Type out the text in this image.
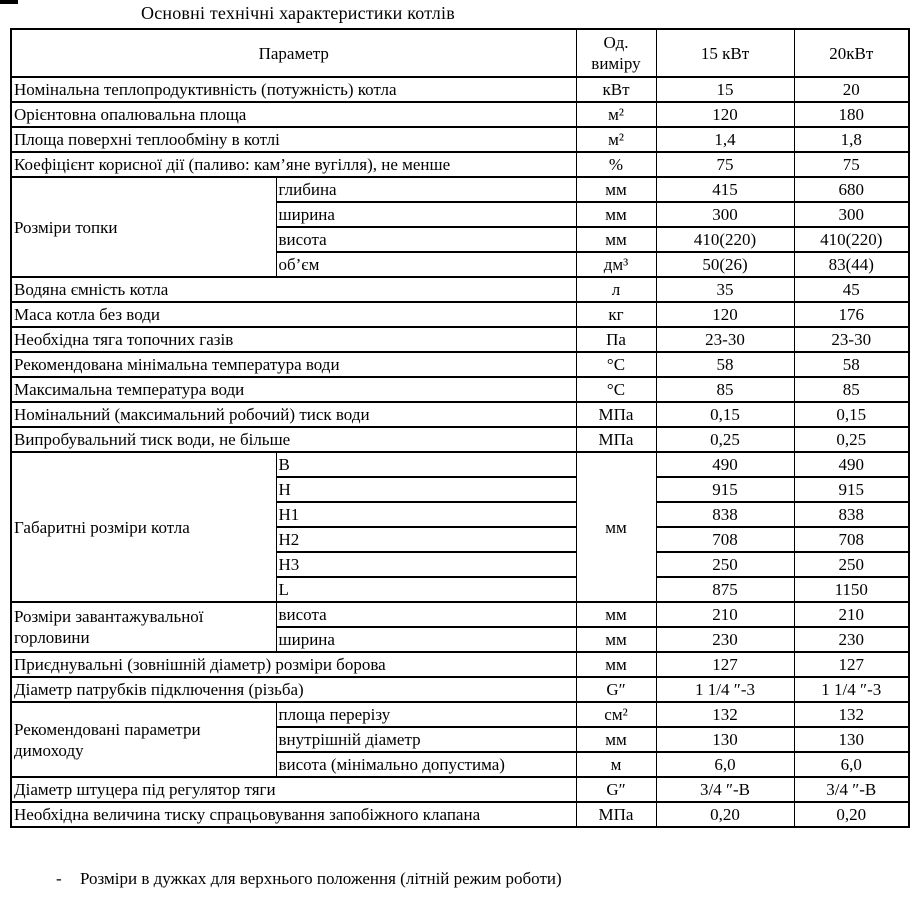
Основні технічні характеристики котлів
Параметр		Од. виміру	15 кВт	20кВт
Номінальна теплопродуктивність (потужність) котла		кВт	15	20
Орієнтовна опалювальна площа		м²	120	180
Площа поверхні теплообміну в котлі		м²	1,4	1,8
Коефіцієнт корисної дії (паливо: кам’яне вугілля), не менше		%	75	75
Розміри топки	глибина	мм	415	680
	ширина	мм	300	300
	висота	мм	410(220)	410(220)
	об’єм	дм³	50(26)	83(44)
Водяна ємність котла		л	35	45
Маса котла без води		кг	120	176
Необхідна тяга топочних газів		Па	23-30	23-30
Рекомендована мінімальна температура води		°С	58	58
Максимальна температура води		°С	85	85
Номінальний (максимальний робочий) тиск води		МПа	0,15	0,15
Випробувальний тиск води, не більше		МПа	0,25	0,25
Габаритні розміри котла	В	мм	490	490
	Н		915	915
	Н1		838	838
	Н2		708	708
	Н3		250	250
	L		875	1150
Розміри завантажувальної горловини	висота	мм	210	210
	ширина	мм	230	230
Приєднувальні (зовнішній діаметр) розміри борова		мм	127	127
Діаметр патрубків підключення (різьба)		G″	1 1/4 ″-3	1 1/4 ″-3
Рекомендовані параметри димоходу	площа перерізу	см²	132	132
	внутрішній діаметр	мм	130	130
	висота (мінімально допустима)	м	6,0	6,0
Діаметр штуцера під регулятор тяги		G″	3/4 ″-В	3/4 ″-В
Необхідна величина тиску спрацьовування запобіжного клапана		МПа	0,20	0,20
-	Розміри в дужках для верхнього положення (літній режим роботи)
